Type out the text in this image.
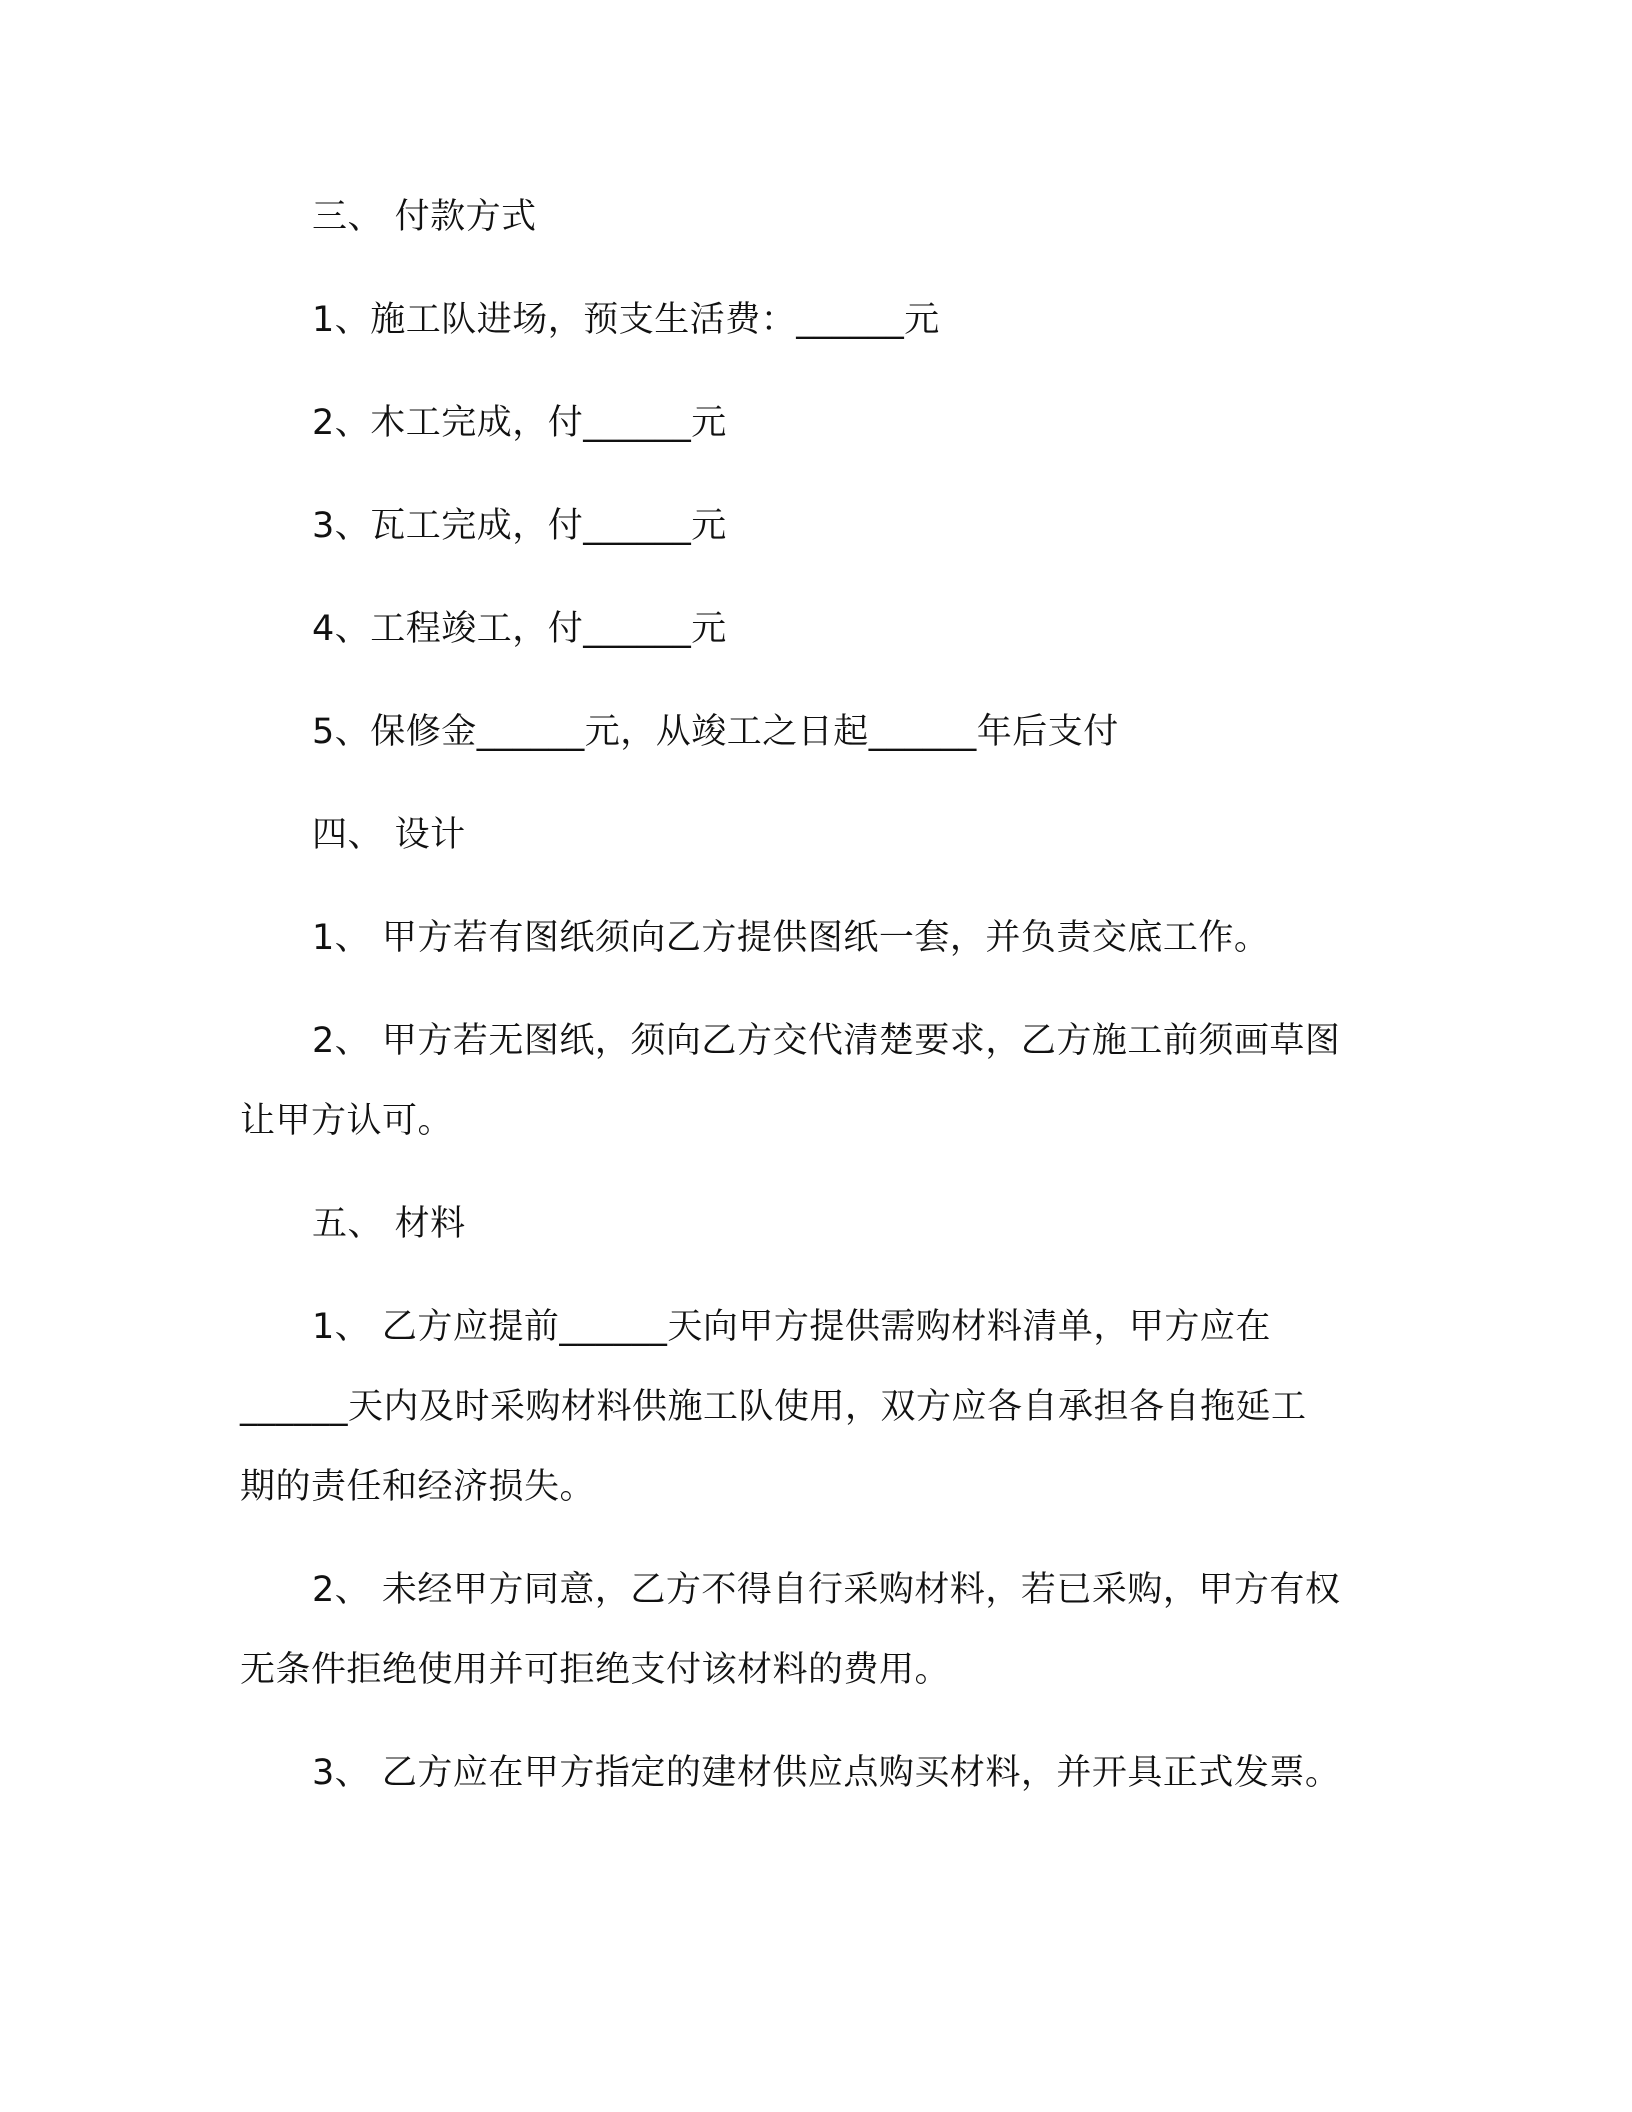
三、 付款方式
1、施工队进场，预支生活费：______元
2、木工完成，付______元
3、瓦工完成，付______元
4、工程竣工，付______元
5、保修金______元，从竣工之日起______年后支付
四、 设计
1、 甲方若有图纸须向乙方提供图纸一套，并负责交底工作。
2、 甲方若无图纸，须向乙方交代清楚要求，乙方施工前须画草图
让甲方认可。
五、 材料
1、 乙方应提前______天向甲方提供需购材料清单，甲方应在
______天内及时采购材料供施工队使用，双方应各自承担各自拖延工
期的责任和经济损失。
2、 未经甲方同意，乙方不得自行采购材料，若已采购，甲方有权
无条件拒绝使用并可拒绝支付该材料的费用。
3、 乙方应在甲方指定的建材供应点购买材料，并开具正式发票。
